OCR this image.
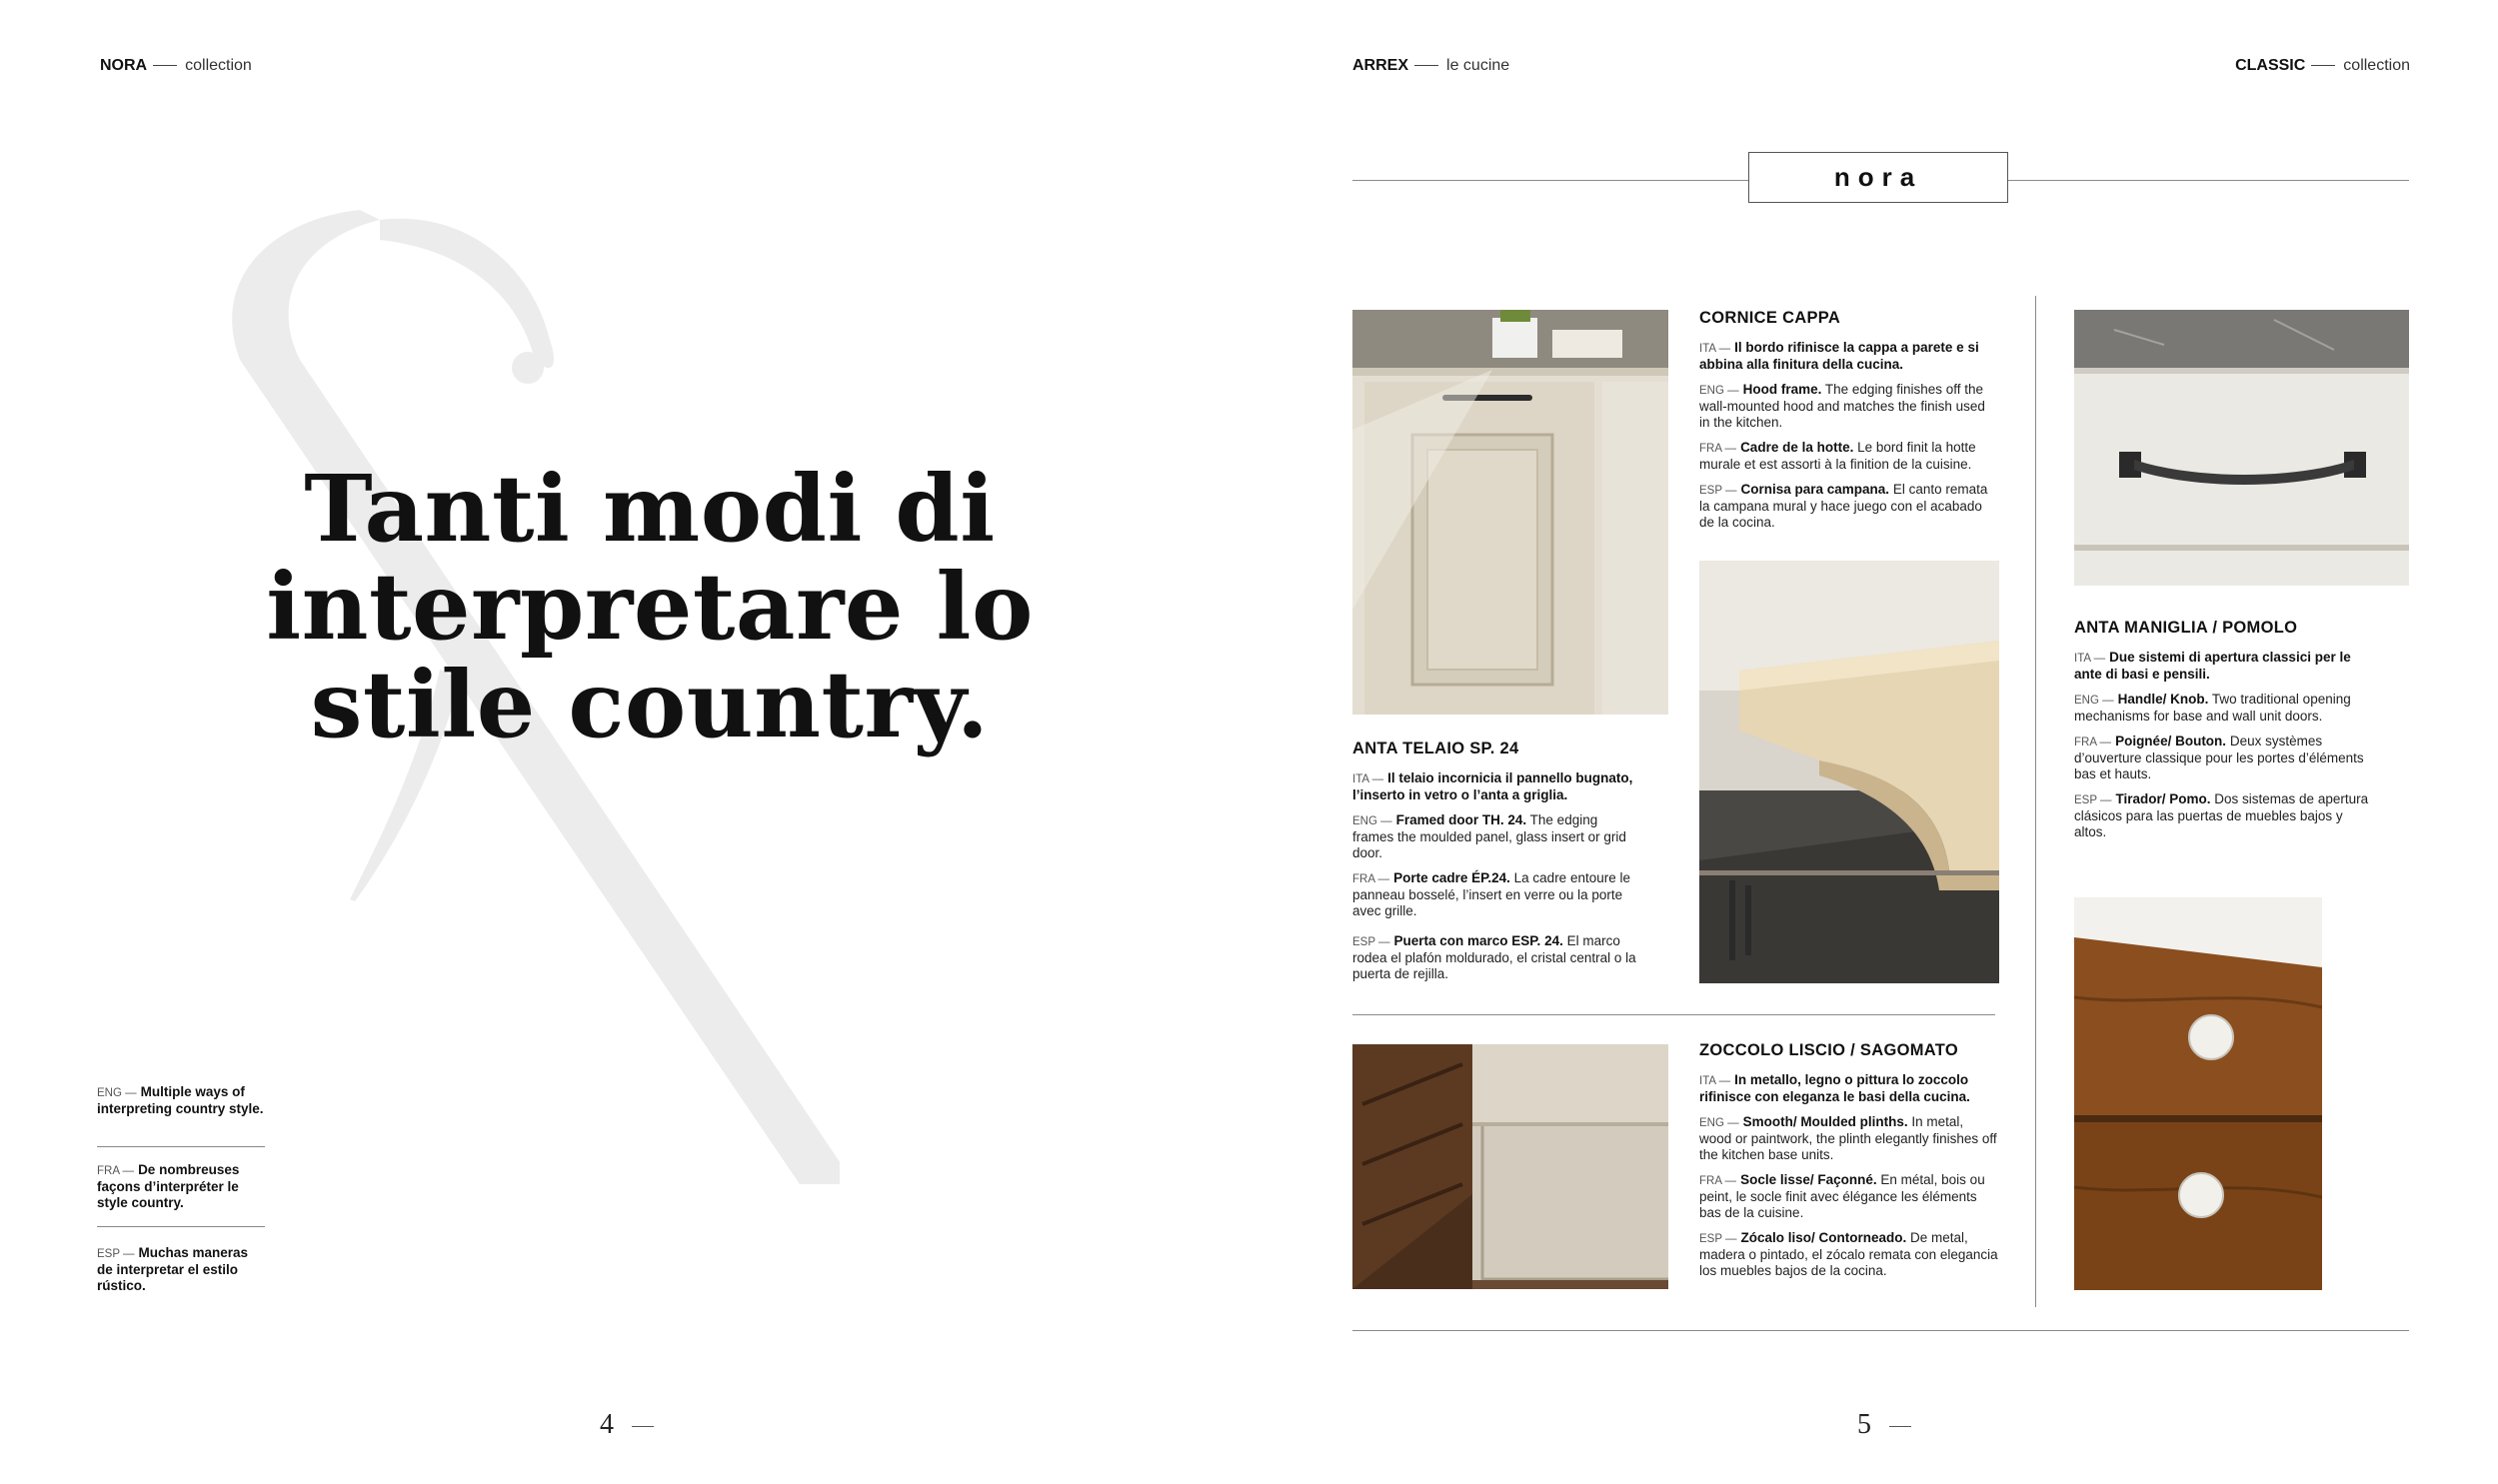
NORA collection	ARREX le cucine	CLASSIC collection
Tanti modi di
interpretare lo
stile country.
ENG — Multiple ways of interpreting country style.
FRA — De nombreuses façons d’interpréter le style country.
ESP — Muchas maneras de interpretar el estilo rústico.
4	5
nora
ANTA TELAIO SP. 24

ITA — Il telaio incornicia il pannello bugnato, l’inserto in vetro o l’anta a griglia.

ENG — Framed door TH. 24. The edging frames the moulded panel, glass insert or grid door.

FRA — Porte cadre ÉP.24. La cadre entoure le panneau bosselé, l’insert en verre ou la porte avec grille.

ESP — Puerta con marco ESP. 24. El marco rodea el plafón moldurado, el cristal central o la puerta de rejilla.

CORNICE CAPPA

ITA — Il bordo rifinisce la cappa a parete e si abbina alla finitura della cucina.

ENG — Hood frame. The edging finishes off the wall-mounted hood and matches the finish used in the kitchen.

FRA — Cadre de la hotte. Le bord finit la hotte murale et est assorti à la finition de la cuisine.

ESP — Cornisa para campana. El canto remata la campana mural y hace juego con el acabado de la cocina.

ANTA MANIGLIA / POMOLO

ITA — Due sistemi di apertura classici per le ante di basi e pensili.

ENG — Handle/ Knob. Two traditional opening mechanisms for base and wall unit doors.

FRA — Poignée/ Bouton. Deux systèmes d’ouverture classique pour les portes d’éléments bas et hauts.

ESP — Tirador/ Pomo. Dos sistemas de apertura clásicos para las puertas de muebles bajos y altos.

ZOCCOLO LISCIO / SAGOMATO

ITA — In metallo, legno o pittura lo zoccolo rifinisce con eleganza le basi della cucina.

ENG — Smooth/ Moulded plinths. In metal, wood or paintwork, the plinth elegantly finishes off the kitchen base units.

FRA — Socle lisse/ Façonné. En métal, bois ou peint, le socle finit avec élégance les éléments bas de la cuisine.

ESP — Zócalo liso/ Contorneado. De metal, madera o pintado, el zócalo remata con elegancia los muebles bajos de la cocina.
